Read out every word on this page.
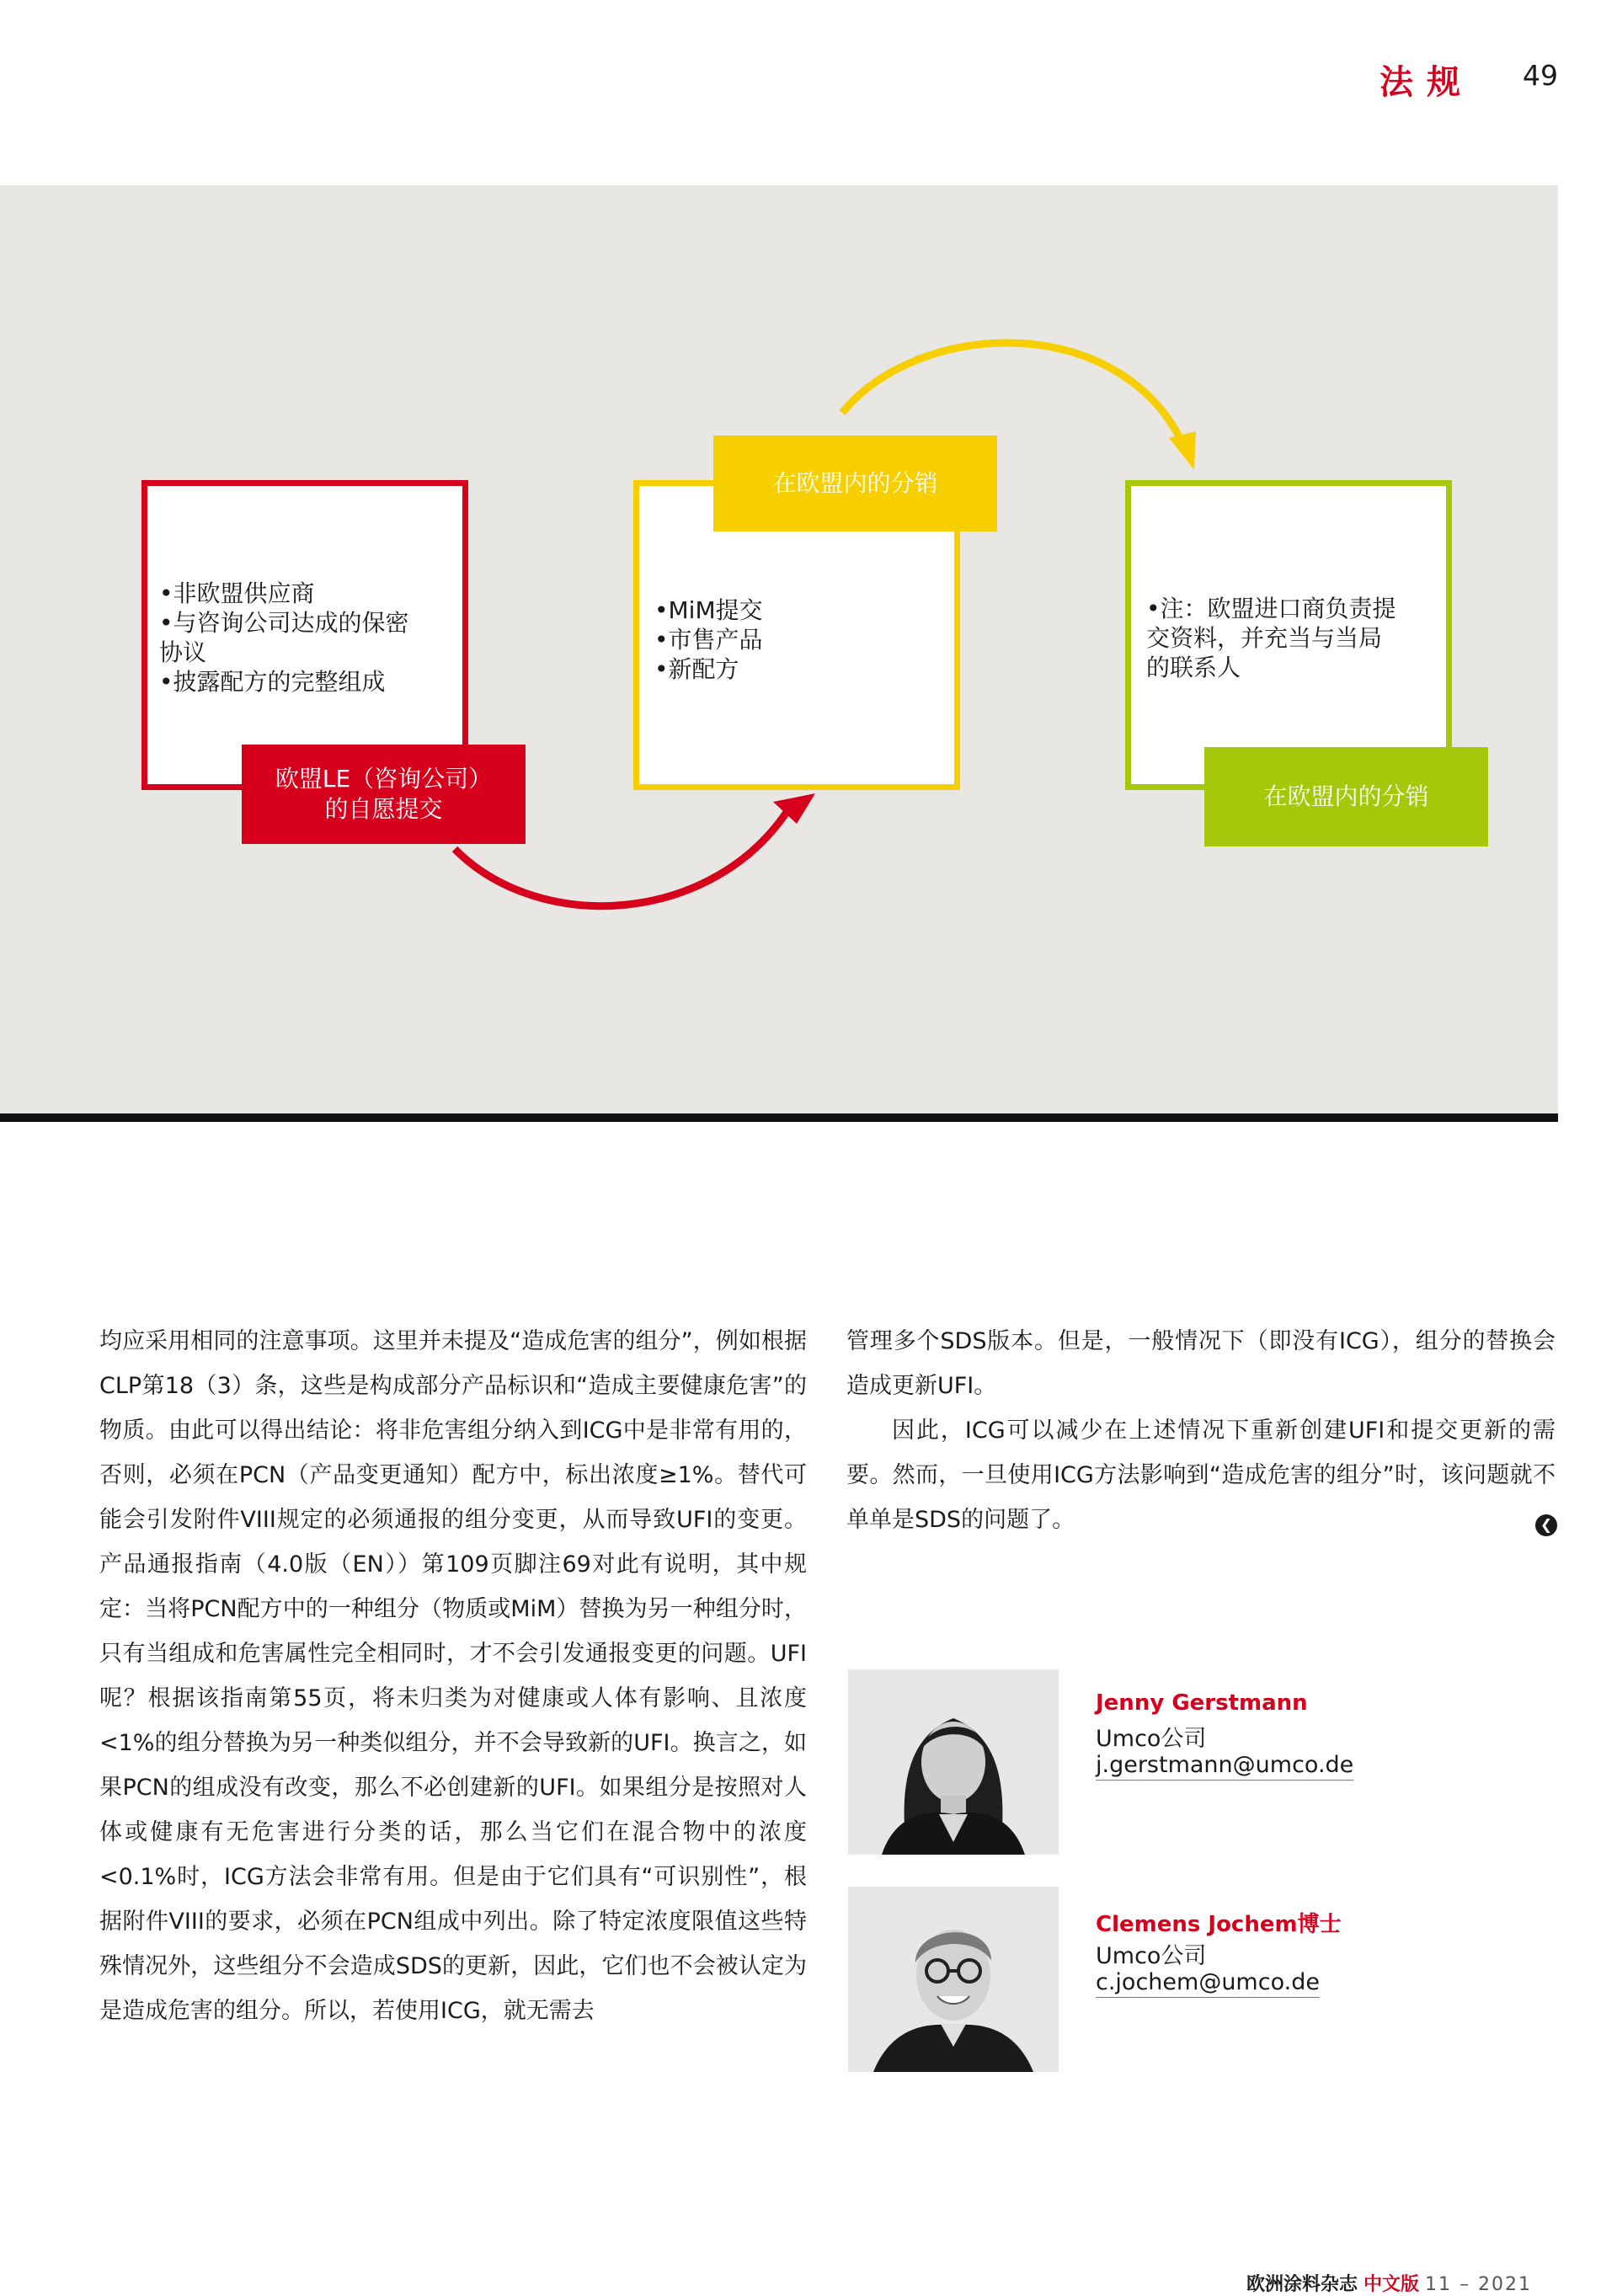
法规 49
•非欧盟供应商
•与咨询公司达成的保密
协议
•披露配方的完整组成
欧盟LE（咨询公司）
的自愿提交
•MiM提交
•市售产品
•新配方
在欧盟内的分销
•注：欧盟进口商负责提
交资料，并充当与当局
的联系人
在欧盟内的分销

均应采用相同的注意事项。这里并未提及“造成危害的组分”，例如根据CLP第18（3）条，这些是构成部分产品标识和“造成主要健康危害”的物质。由此可以得出结论：将非危害组分纳入到ICG中是非常有用的，否则，必须在PCN（产品变更通知）配方中，标出浓度≥1%。替代可能会引发附件VIII规定的必须通报的组分变更，从而导致UFI的变更。产品通报指南（4.0版（EN））第109页脚注69对此有说明，其中规定：当将PCN配方中的一种组分（物质或MiM）替换为另一种组分时，只有当组成和危害属性完全相同时，才不会引发通报变更的问题。UFI呢？根据该指南第55页，将未归类为对健康或人体有影响、且浓度<1%的组分替换为另一种类似组分，并不会导致新的UFI。换言之，如果PCN的组成没有改变，那么不必创建新的UFI。如果组分是按照对人体或健康有无危害进行分类的话，那么当它们在混合物中的浓度<0.1%时，ICG方法会非常有用。但是由于它们具有“可识别性”，根据附件VIII的要求，必须在PCN组成中列出。除了特定浓度限值这些特殊情况外，这些组分不会造成SDS的更新，因此，它们也不会被认定为是造成危害的组分。所以，若使用ICG，就无需去

管理多个SDS版本。但是，一般情况下（即没有ICG），组分的替换会造成更新UFI。

因此，ICG可以减少在上述情况下重新创建UFI和提交更新的需要。然而，一旦使用ICG方法影响到“造成危害的组分”时，该问题就不单单是SDS的问题了。	❮
Jenny Gerstmann
Umco公司
j.gerstmann@umco.de
Clemens Jochem博士
Umco公司
c.jochem@umco.de
欧洲涂料杂志 中文版 11 – 2021
